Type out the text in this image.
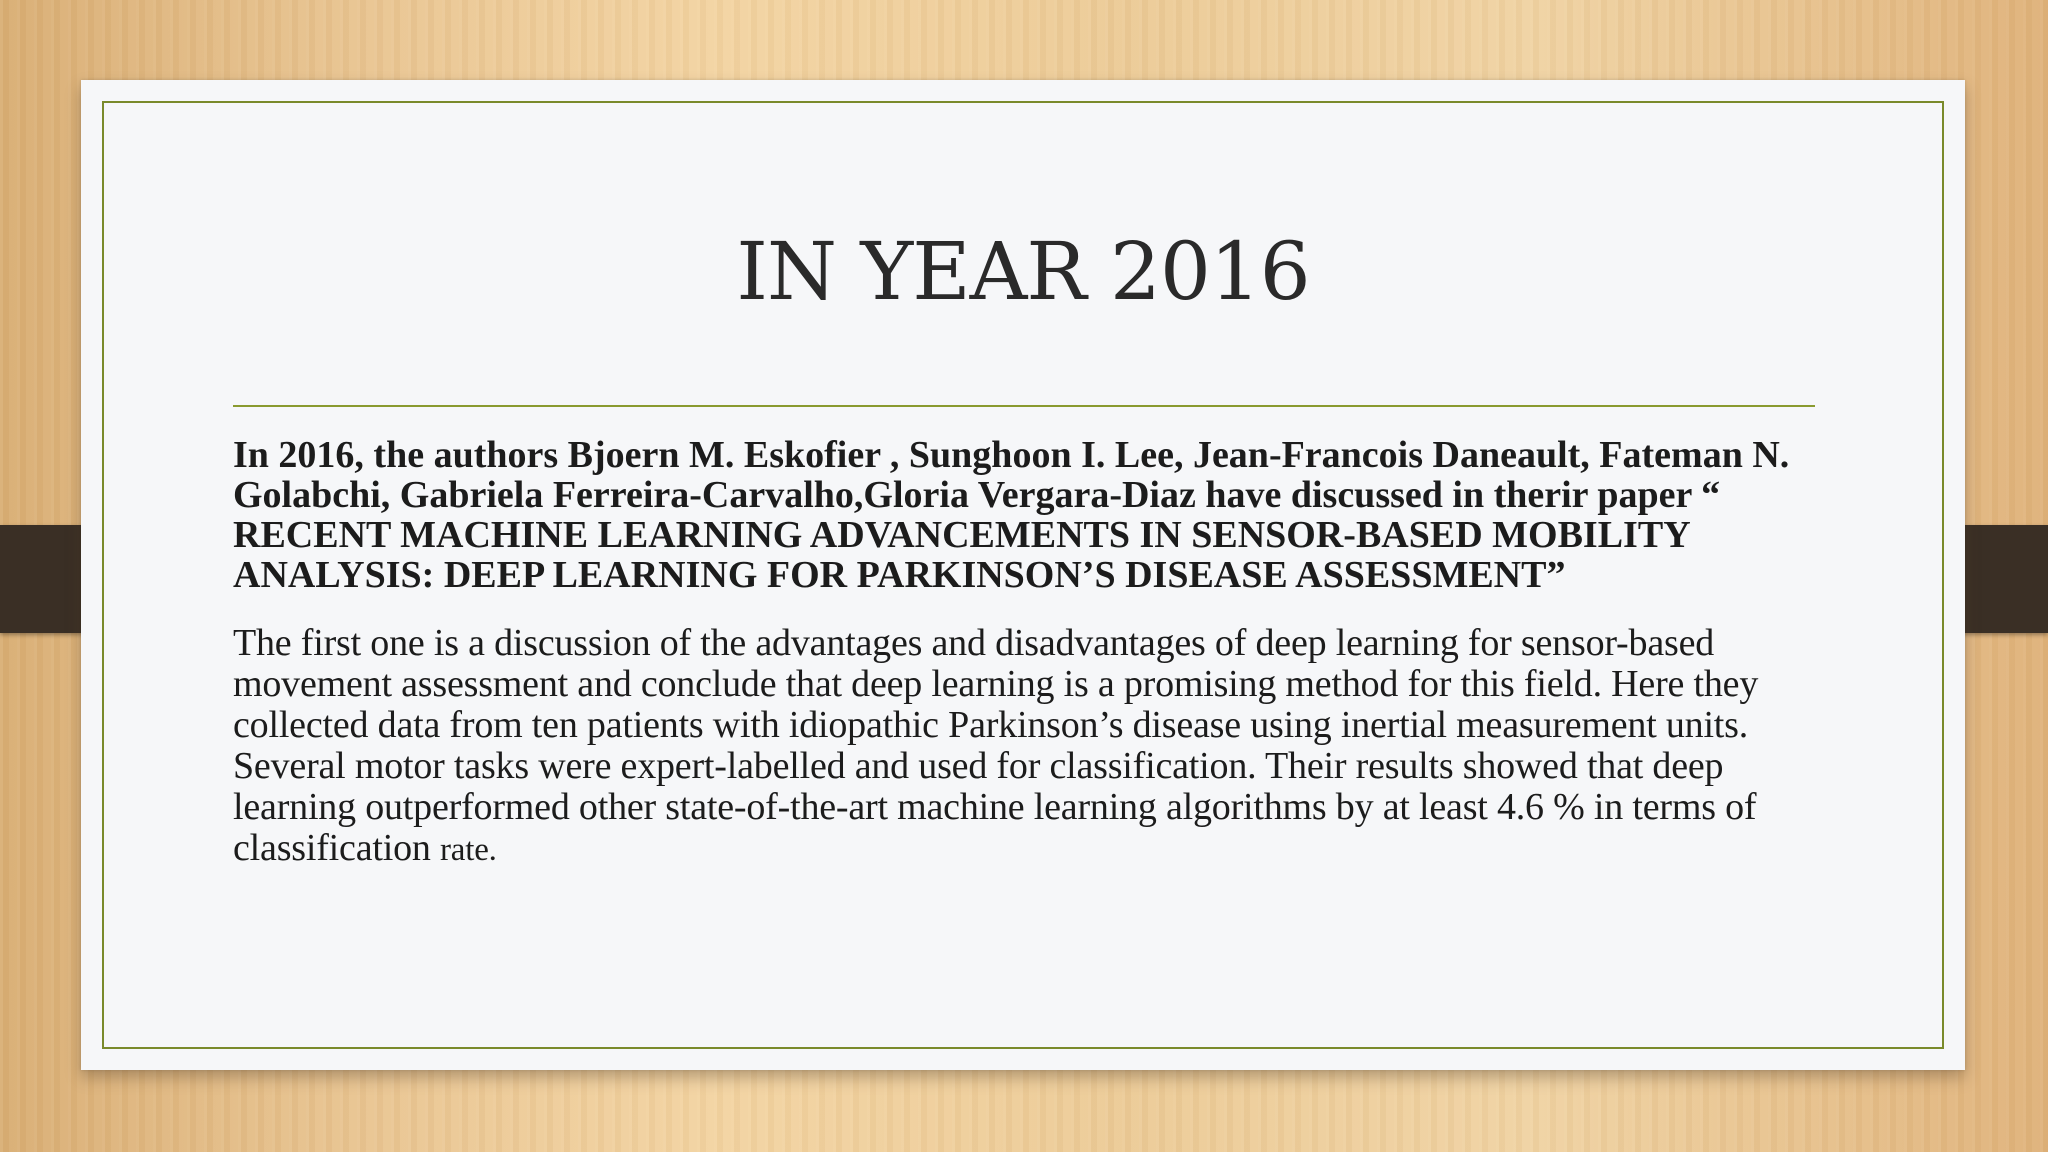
IN YEAR 2016

In 2016, the authors Bjoern M. Eskofier , Sunghoon I. Lee, Jean-Francois Daneault, Fateman N. Golabchi, Gabriela Ferreira-Carvalho,Gloria Vergara-Diaz have discussed in therir paper “ RECENT MACHINE LEARNING ADVANCEMENTS IN SENSOR-BASED MOBILITY ANALYSIS: DEEP LEARNING FOR PARKINSON’S DISEASE ASSESSMENT”

The first one is a discussion of the advantages and disadvantages of deep learning for sensor-based movement assessment and conclude that deep learning is a promising method for this field. Here they collected data from ten patients with idiopathic Parkinson’s disease using inertial measurement units. Several motor tasks were expert-labelled and used for classification. Their results showed that deep learning outperformed other state-of-the-art machine learning algorithms by at least 4.6 % in terms of classification rate.
